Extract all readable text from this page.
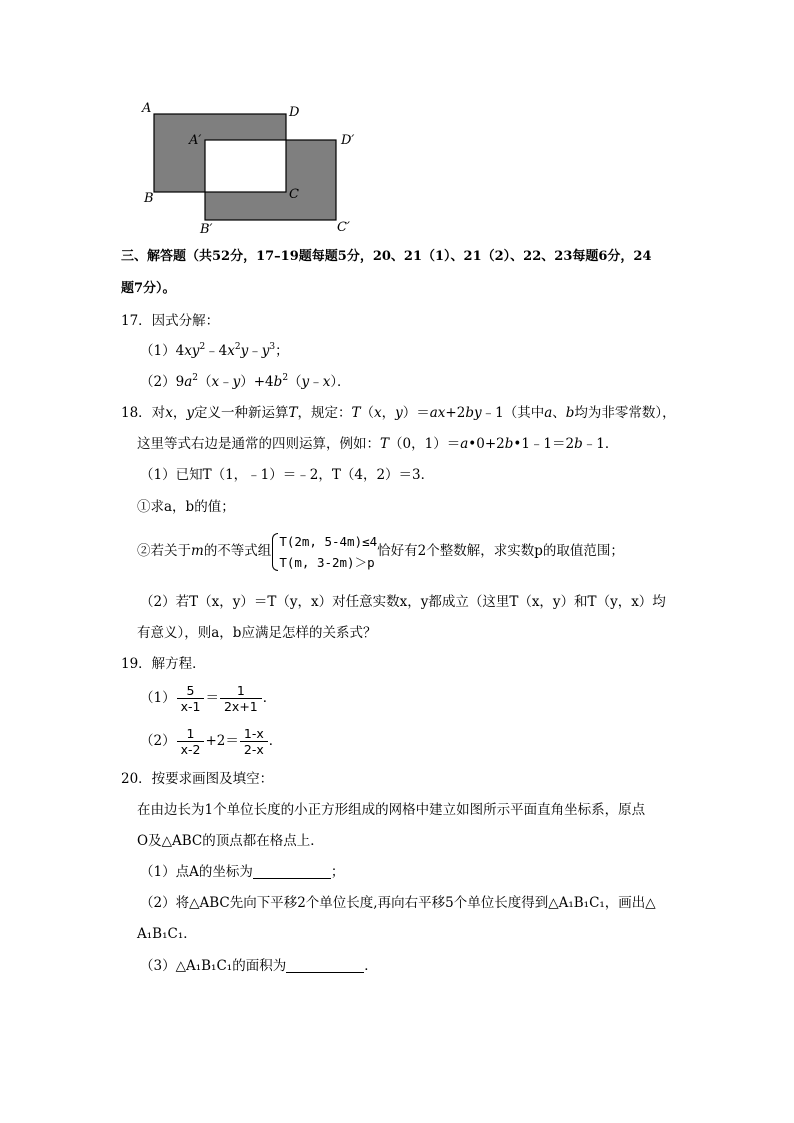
A	D
A′	D′
B	C
B′	C′
三、解答题（共52分，17–19题每题5分，20、21（1）、21（2）、22、23每题6分，24
题7分）。
17．因式分解：
$(1)4xy^2﹣4x^2y﹣y^3$；
$(2)9a^2(x﹣y)+4b^2(y﹣x)$．
18．对x，y定义一种新运算T，规定：T（x，y）＝ax+2by﹣1（其中a、b均为非零常数），
这里等式右边是通常的四则运算，例如：T（0，1）＝a•0+2b•1﹣1＝2b﹣1．
（1）已知T（1，﹣1）＝﹣2，T（4，2）＝3．
①求a，b的值；
②若关于m的不等式组
T(2m, 5-4m)≤4
T(m, 3-2m)＞p
恰好有2个整数解，求实数p的取值范围；
（2）若T（x，y）＝T（y，x）对任意实数x，y都成立（这里T（x，y）和T（y，x）均
有意义），则a，b应满足怎样的关系式？
19．解方程．
$(1) \frac{5}{x-1} = \frac{1}{2x+1}$ ．
$(2) \frac{1}{x-2} +2= \frac{1-x}{2-x}$ ．
20．按要求画图及填空：
在由边长为1个单位长度的小正方形组成的网格中建立如图所示平面直角坐标系，原点
O及△ABC的顶点都在格点上．
（1）点A的坐标为	；
（2）将△ABC先向下平移2个单位长度,再向右平移5个单位长度得到△A₁B₁C₁，画出△
A₁B₁C₁．
（3）△A₁B₁C₁的面积为	．
